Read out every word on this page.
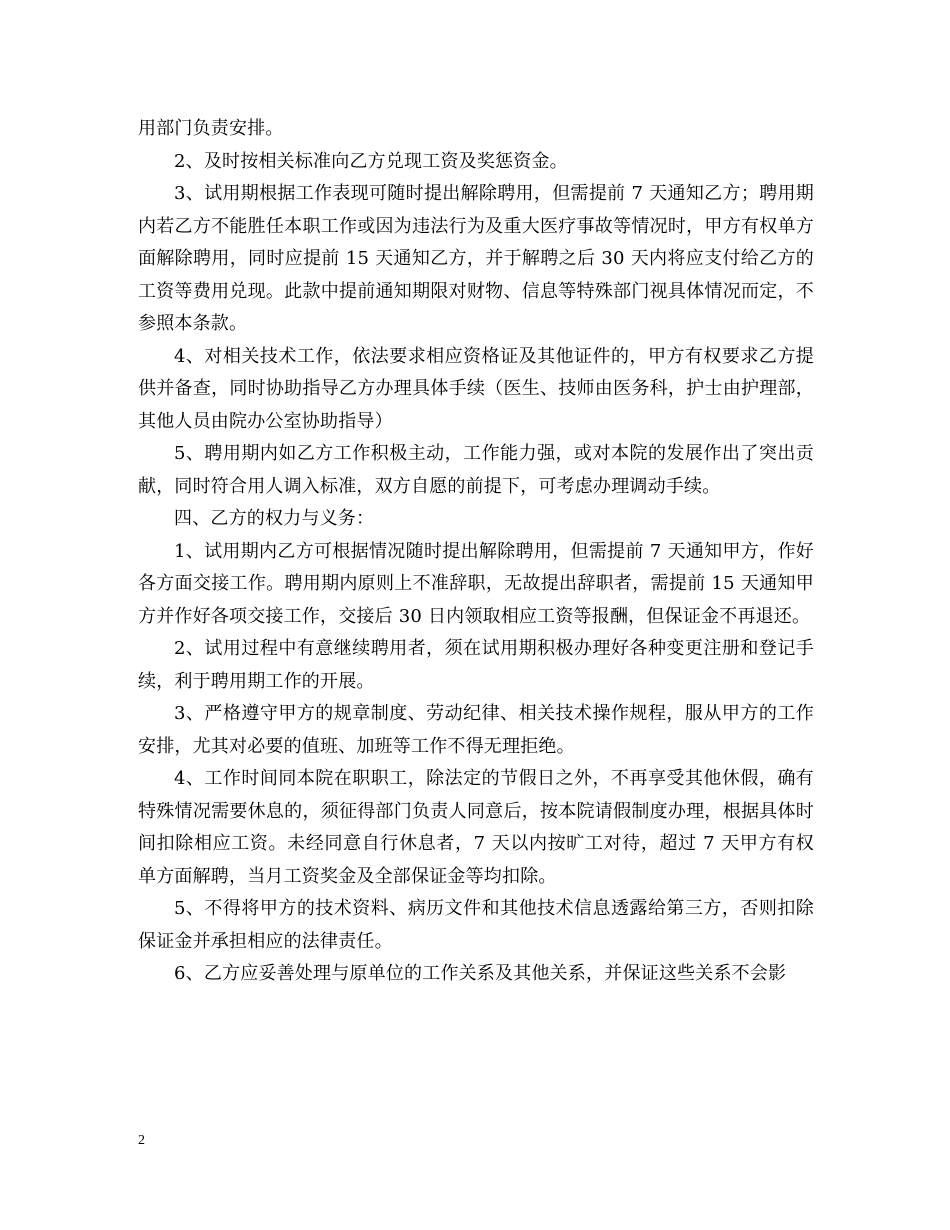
用部门负责安排。

2、及时按相关标准向乙方兑现工资及奖惩资金。

3、试用期根据工作表现可随时提出解除聘用，但需提前 7 天通知乙方；聘用期内若乙方不能胜任本职工作或因为违法行为及重大医疗事故等情况时，甲方有权单方面解除聘用，同时应提前 15 天通知乙方，并于解聘之后 30 天内将应支付给乙方的工资等费用兑现。此款中提前通知期限对财物、信息等特殊部门视具体情况而定，不参照本条款。

4、对相关技术工作，依法要求相应资格证及其他证件的，甲方有权要求乙方提供并备查，同时协助指导乙方办理具体手续（医生、技师由医务科，护士由护理部，其他人员由院办公室协助指导）

5、聘用期内如乙方工作积极主动，工作能力强，或对本院的发展作出了突出贡献，同时符合用人调入标准，双方自愿的前提下，可考虑办理调动手续。

四、乙方的权力与义务：

1、试用期内乙方可根据情况随时提出解除聘用，但需提前 7 天通知甲方，作好各方面交接工作。聘用期内原则上不准辞职，无故提出辞职者，需提前 15 天通知甲方并作好各项交接工作，交接后 30 日内领取相应工资等报酬，但保证金不再退还。

2、试用过程中有意继续聘用者，须在试用期积极办理好各种变更注册和登记手续，利于聘用期工作的开展。

3、严格遵守甲方的规章制度、劳动纪律、相关技术操作规程，服从甲方的工作安排，尤其对必要的值班、加班等工作不得无理拒绝。

4、工作时间同本院在职职工，除法定的节假日之外，不再享受其他休假，确有特殊情况需要休息的，须征得部门负责人同意后，按本院请假制度办理，根据具体时间扣除相应工资。未经同意自行休息者，7 天以内按旷工对待，超过 7 天甲方有权单方面解聘，当月工资奖金及全部保证金等均扣除。

5、不得将甲方的技术资料、病历文件和其他技术信息透露给第三方，否则扣除保证金并承担相应的法律责任。

6、乙方应妥善处理与原单位的工作关系及其他关系，并保证这些关系不会影

2
